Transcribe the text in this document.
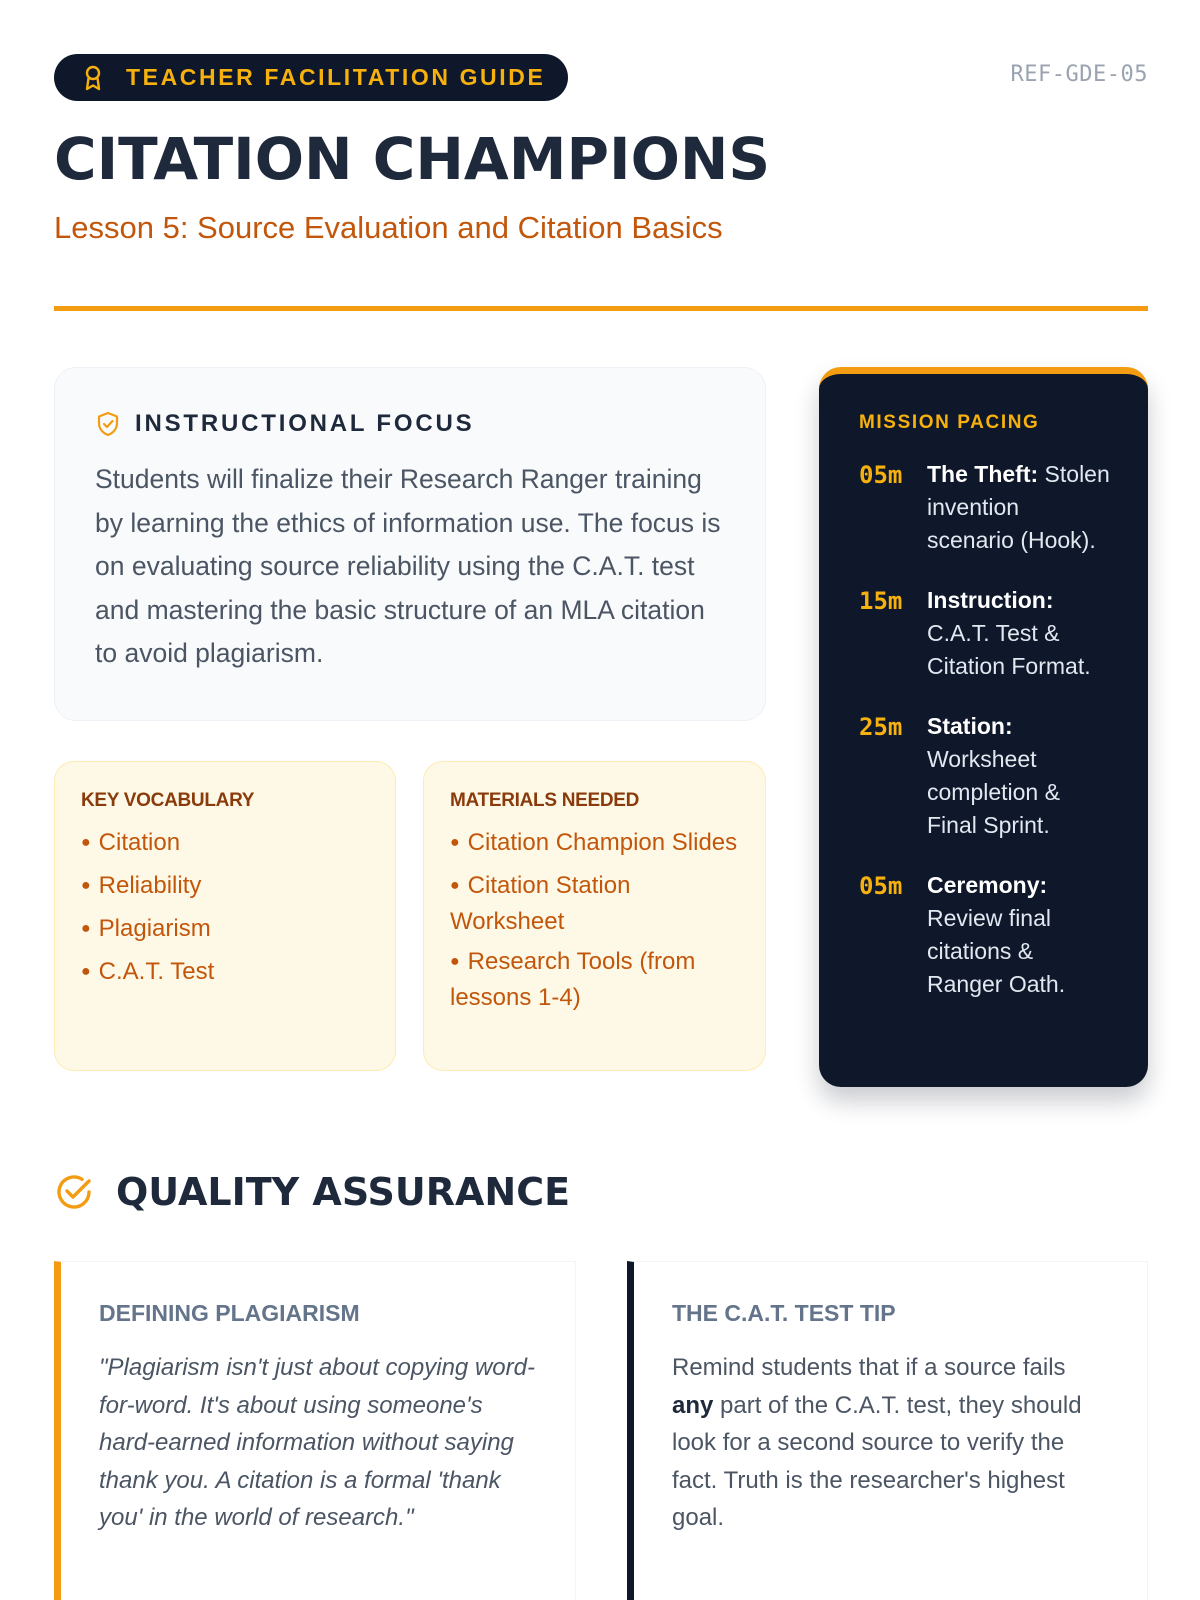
TEACHER FACILITATION GUIDE	REF-GDE-05
CITATION CHAMPIONS
Lesson 5: Source Evaluation and Citation Basics
INSTRUCTIONAL FOCUS

Students will finalize their Research Ranger training by learning the ethics of information use. The focus is on evaluating source reliability using the C.A.T. test and mastering the basic structure of an MLA citation to avoid plagiarism.

KEY VOCABULARY
● Citation
● Reliability
● Plagiarism
● C.A.T. Test
MATERIALS NEEDED
● Citation Champion Slides
● Citation Station Worksheet
● Research Tools (from lessons 1-4)
MISSION PACING
05m	The Theft: Stolen invention scenario (Hook).
15m	Instruction: C.A.T. Test & Citation Format.
25m	Station: Worksheet completion & Final Sprint.
05m	Ceremony: Review final citations & Ranger Oath.
QUALITY ASSURANCE
DEFINING PLAGIARISM

"Plagiarism isn't just about copying word-for-word. It's about using someone's hard-earned information without saying thank you. A citation is a formal 'thank you' in the world of research."

THE C.A.T. TEST TIP

Remind students that if a source fails any part of the C.A.T. test, they should look for a second source to verify the fact. Truth is the researcher's highest goal.
